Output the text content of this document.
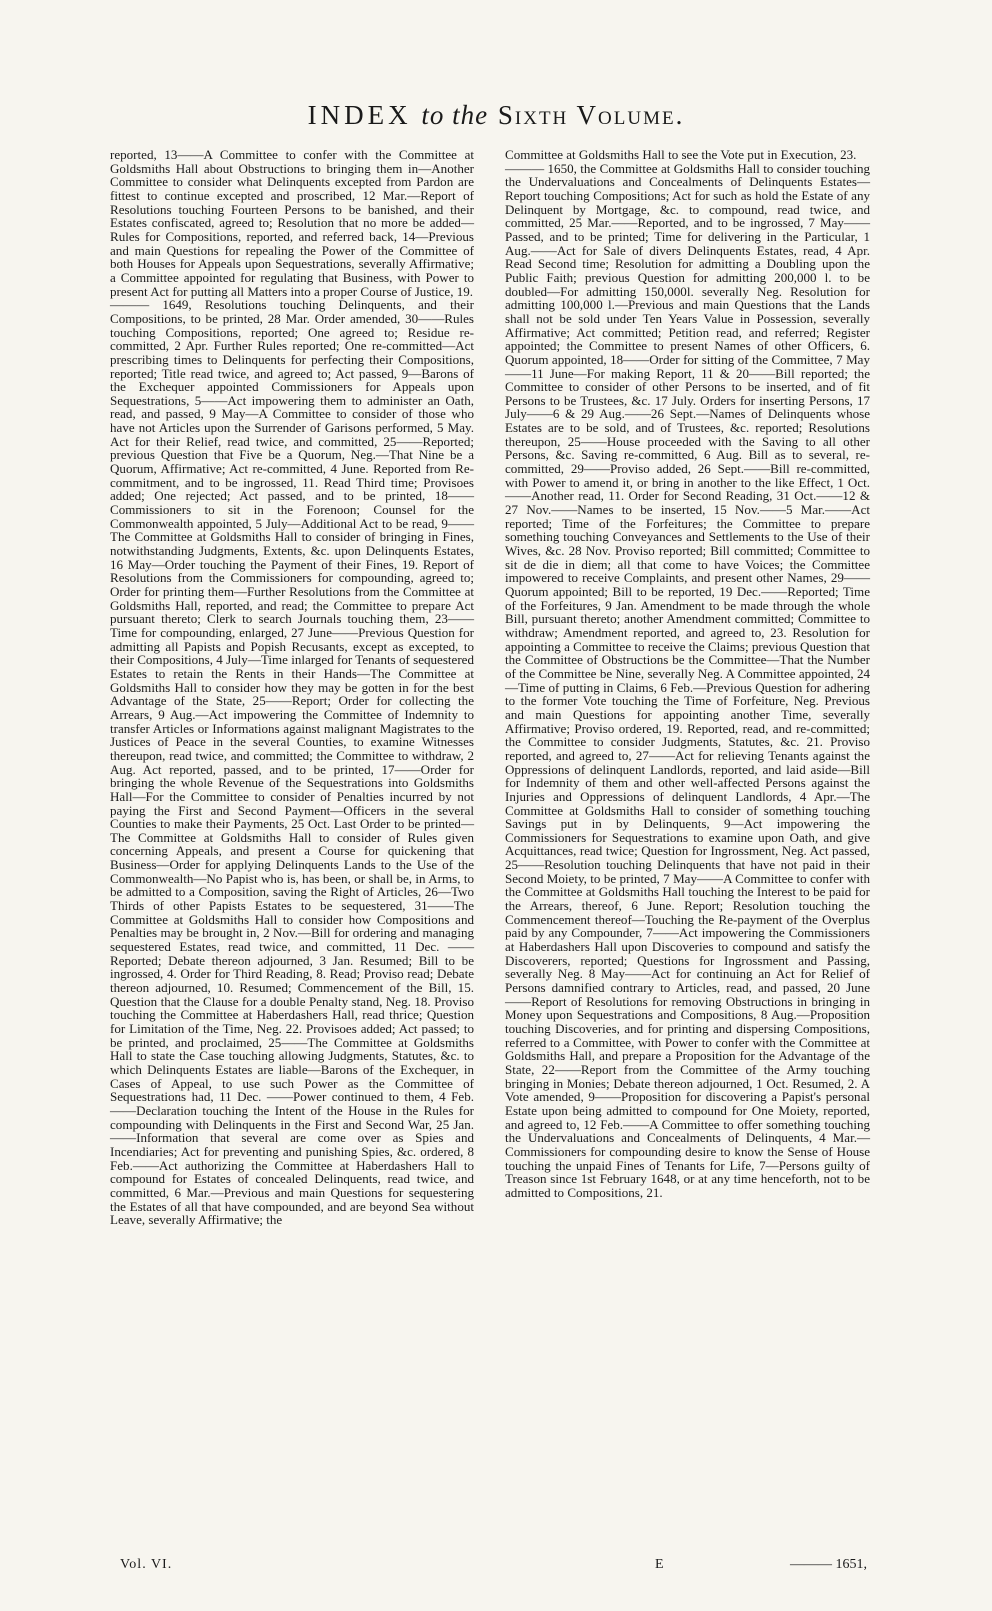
INDEX to the Sixth Volume.

reported, 13——A Committee to confer with the Committee at Goldsmiths Hall about Obstructions to bringing them in—Another Committee to consider what Delinquents excepted from Pardon are fittest to continue excepted and proscribed, 12 Mar.—Report of Resolutions touching Fourteen Persons to be banished, and their Estates confiscated, agreed to; Resolution that no more be added—Rules for Compositions, reported, and referred back, 14—Previous and main Questions for repealing the Power of the Committee of both Houses for Appeals upon Sequestrations, severally Affirmative; a Committee appointed for regulating that Business, with Power to present Act for putting all Matters into a proper Course of Justice, 19.
——— 1649, Resolutions touching Delinquents, and their Compositions, to be printed, 28 Mar. Order amended, 30——Rules touching Compositions, reported; One agreed to; Residue re-committed, 2 Apr. Further Rules reported; One re-committed—Act prescribing times to Delinquents for perfecting their Compositions, reported; Title read twice, and agreed to; Act passed, 9—Barons of the Exchequer appointed Commissioners for Appeals upon Sequestrations, 5——Act impowering them to administer an Oath, read, and passed, 9 May—A Committee to consider of those who have not Articles upon the Surrender of Garisons performed, 5 May. Act for their Relief, read twice, and committed, 25——Reported; previous Question that Five be a Quorum, Neg.—That Nine be a Quorum, Affirmative; Act re-committed, 4 June. Reported from Re-commitment, and to be ingrossed, 11. Read Third time; Provisoes added; One rejected; Act passed, and to be printed, 18——Commissioners to sit in the Forenoon; Counsel for the Commonwealth appointed, 5 July—Additional Act to be read, 9——The Committee at Goldsmiths Hall to consider of bringing in Fines, notwithstanding Judgments, Extents, &c. upon Delinquents Estates, 16 May—Order touching the Payment of their Fines, 19. Report of Resolutions from the Commissioners for compounding, agreed to; Order for printing them—Further Resolutions from the Committee at Goldsmiths Hall, reported, and read; the Committee to prepare Act pursuant thereto; Clerk to search Journals touching them, 23——Time for compounding, enlarged, 27 June——Previous Question for admitting all Papists and Popish Recusants, except as excepted, to their Compositions, 4 July—Time inlarged for Tenants of sequestered Estates to retain the Rents in their Hands—The Committee at Goldsmiths Hall to consider how they may be gotten in for the best Advantage of the State, 25——Report; Order for collecting the Arrears, 9 Aug.—Act impowering the Committee of Indemnity to transfer Articles or Informations against malignant Magistrates to the Justices of Peace in the several Counties, to examine Witnesses thereupon, read twice, and committed; the Committee to withdraw, 2 Aug. Act reported, passed, and to be printed, 17——Order for bringing the whole Revenue of the Sequestrations into Goldsmiths Hall—For the Committee to consider of Penalties incurred by not paying the First and Second Payment—Officers in the several Counties to make their Payments, 25 Oct. Last Order to be printed—The Committee at Goldsmiths Hall to consider of Rules given concerning Appeals, and present a Course for quickening that Business—Order for applying Delinquents Lands to the Use of the Commonwealth—No Papist who is, has been, or shall be, in Arms, to be admitted to a Composition, saving the Right of Articles, 26—Two Thirds of other Papists Estates to be sequestered, 31——The Committee at Goldsmiths Hall to consider how Compositions and Penalties may be brought in, 2 Nov.—Bill for ordering and managing sequestered Estates, read twice, and committed, 11 Dec. ——Reported; Debate thereon adjourned, 3 Jan. Resumed; Bill to be ingrossed, 4. Order for Third Reading, 8. Read; Proviso read; Debate thereon adjourned, 10. Resumed; Commencement of the Bill, 15. Question that the Clause for a double Penalty stand, Neg. 18. Proviso touching the Committee at Haberdashers Hall, read thrice; Question for Limitation of the Time, Neg. 22. Provisoes added; Act passed; to be printed, and proclaimed, 25——The Committee at Goldsmiths Hall to state the Case touching allowing Judgments, Statutes, &c. to which Delinquents Estates are liable—Barons of the Exchequer, in Cases of Appeal, to use such Power as the Committee of Sequestrations had, 11 Dec. ——Power continued to them, 4 Feb.——Declaration touching the Intent of the House in the Rules for compounding with Delinquents in the First and Second War, 25 Jan.——Information that several are come over as Spies and Incendiaries; Act for preventing and punishing Spies, &c. ordered, 8 Feb.——Act authorizing the Committee at Haberdashers Hall to compound for Estates of concealed Delinquents, read twice, and committed, 6 Mar.—Previous and main Questions for sequestering the Estates of all that have compounded, and are beyond Sea without Leave, severally Affirmative; the

Committee at Goldsmiths Hall to see the Vote put in Execution, 23.
——— 1650, the Committee at Goldsmiths Hall to consider touching the Undervaluations and Concealments of Delinquents Estates—Report touching Compositions; Act for such as hold the Estate of any Delinquent by Mortgage, &c. to compound, read twice, and committed, 25 Mar.——Reported, and to be ingrossed, 7 May——Passed, and to be printed; Time for delivering in the Particular, 1 Aug.——Act for Sale of divers Delinquents Estates, read, 4 Apr. Read Second time; Resolution for admitting a Doubling upon the Public Faith; previous Question for admitting 200,000 l. to be doubled—For admitting 150,000l. severally Neg. Resolution for admitting 100,000 l.—Previous and main Questions that the Lands shall not be sold under Ten Years Value in Possession, severally Affirmative; Act committed; Petition read, and referred; Register appointed; the Committee to present Names of other Officers, 6. Quorum appointed, 18——Order for sitting of the Committee, 7 May——11 June—For making Report, 11 & 20——Bill reported; the Committee to consider of other Persons to be inserted, and of fit Persons to be Trustees, &c. 17 July. Orders for inserting Persons, 17 July——6 & 29 Aug.——26 Sept.—Names of Delinquents whose Estates are to be sold, and of Trustees, &c. reported; Resolutions thereupon, 25——House proceeded with the Saving to all other Persons, &c. Saving re-committed, 6 Aug. Bill as to several, re-committed, 29——Proviso added, 26 Sept.——Bill re-committed, with Power to amend it, or bring in another to the like Effect, 1 Oct.——Another read, 11. Order for Second Reading, 31 Oct.——12 & 27 Nov.——Names to be inserted, 15 Nov.——5 Mar.——Act reported; Time of the Forfeitures; the Committee to prepare something touching Conveyances and Settlements to the Use of their Wives, &c. 28 Nov. Proviso reported; Bill committed; Committee to sit de die in diem; all that come to have Voices; the Committee impowered to receive Complaints, and present other Names, 29——Quorum appointed; Bill to be reported, 19 Dec.——Reported; Time of the Forfeitures, 9 Jan. Amendment to be made through the whole Bill, pursuant thereto; another Amendment committed; Committee to withdraw; Amendment reported, and agreed to, 23. Resolution for appointing a Committee to receive the Claims; previous Question that the Committee of Obstructions be the Committee—That the Number of the Committee be Nine, severally Neg. A Committee appointed, 24—Time of putting in Claims, 6 Feb.—Previous Question for adhering to the former Vote touching the Time of Forfeiture, Neg. Previous and main Questions for appointing another Time, severally Affirmative; Proviso ordered, 19. Reported, read, and re-committed; the Committee to consider Judgments, Statutes, &c. 21. Proviso reported, and agreed to, 27——Act for relieving Tenants against the Oppressions of delinquent Landlords, reported, and laid aside—Bill for Indemnity of them and other well-affected Persons against the Injuries and Oppressions of delinquent Landlords, 4 Apr.—The Committee at Goldsmiths Hall to consider of something touching Savings put in by Delinquents, 9—Act impowering the Commissioners for Sequestrations to examine upon Oath, and give Acquittances, read twice; Question for Ingrossment, Neg. Act passed, 25——Resolution touching Delinquents that have not paid in their Second Moiety, to be printed, 7 May——A Committee to confer with the Committee at Goldsmiths Hall touching the Interest to be paid for the Arrears, thereof, 6 June. Report; Resolution touching the Commencement thereof—Touching the Re-payment of the Overplus paid by any Compounder, 7——Act impowering the Commissioners at Haberdashers Hall upon Discoveries to compound and satisfy the Discoverers, reported; Questions for Ingrossment and Passing, severally Neg. 8 May——Act for continuing an Act for Relief of Persons damnified contrary to Articles, read, and passed, 20 June——Report of Resolutions for removing Obstructions in bringing in Money upon Sequestrations and Compositions, 8 Aug.—Proposition touching Discoveries, and for printing and dispersing Compositions, referred to a Committee, with Power to confer with the Committee at Goldsmiths Hall, and prepare a Proposition for the Advantage of the State, 22——Report from the Committee of the Army touching bringing in Monies; Debate thereon adjourned, 1 Oct. Resumed, 2. A Vote amended, 9——Proposition for discovering a Papist's personal Estate upon being admitted to compound for One Moiety, reported, and agreed to, 12 Feb.——A Committee to offer something touching the Undervaluations and Concealments of Delinquents, 4 Mar.—Commissioners for compounding desire to know the Sense of House touching the unpaid Fines of Tenants for Life, 7—Persons guilty of Treason since 1st February 1648, or at any time henceforth, not to be admitted to Compositions, 21.

Vol. VI.	E	——— 1651,
